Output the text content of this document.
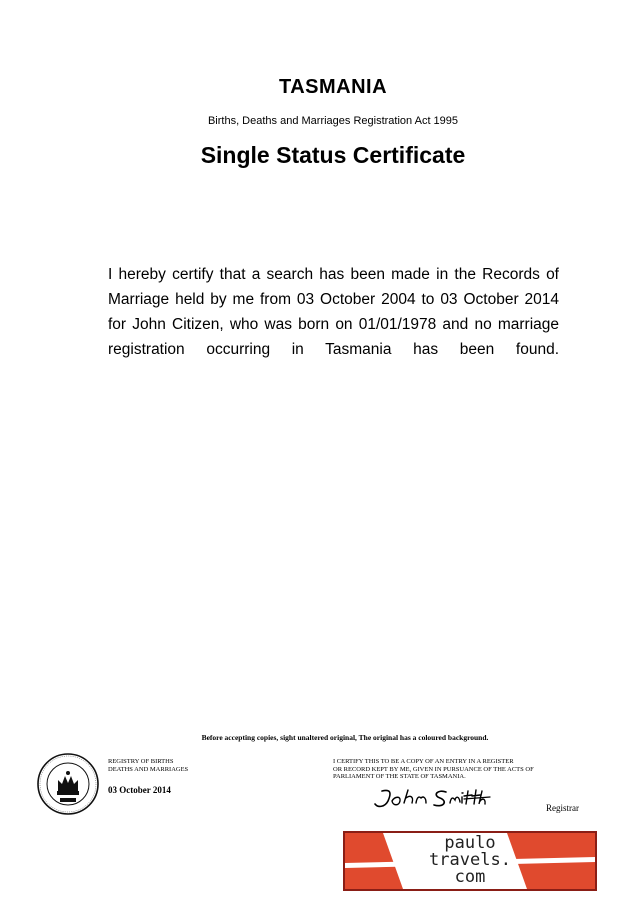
TASMANIA
Births, Deaths and Marriages Registration Act 1995
Single Status Certificate
I hereby certify that a search has been made in the Records of Marriage held by me from 03 October 2004 to 03 October 2014 for John Citizen, who was born on 01/01/1978 and no marriage registration occurring in Tasmania has been found.
Before accepting copies, sight unaltered original, The original has a coloured background.
REGISTRY OF BIRTHS
DEATHS AND MARRIAGES
03 October 2014
I CERTIFY THIS TO BE A COPY OF AN ENTRY IN A REGISTER
OR RECORD KEPT BY ME, GIVEN IN PURSUANCE OF THE ACTS OF
PARLIAMENT OF THE STATE OF TASMANIA.
Registrar
paulo
travels.
com
